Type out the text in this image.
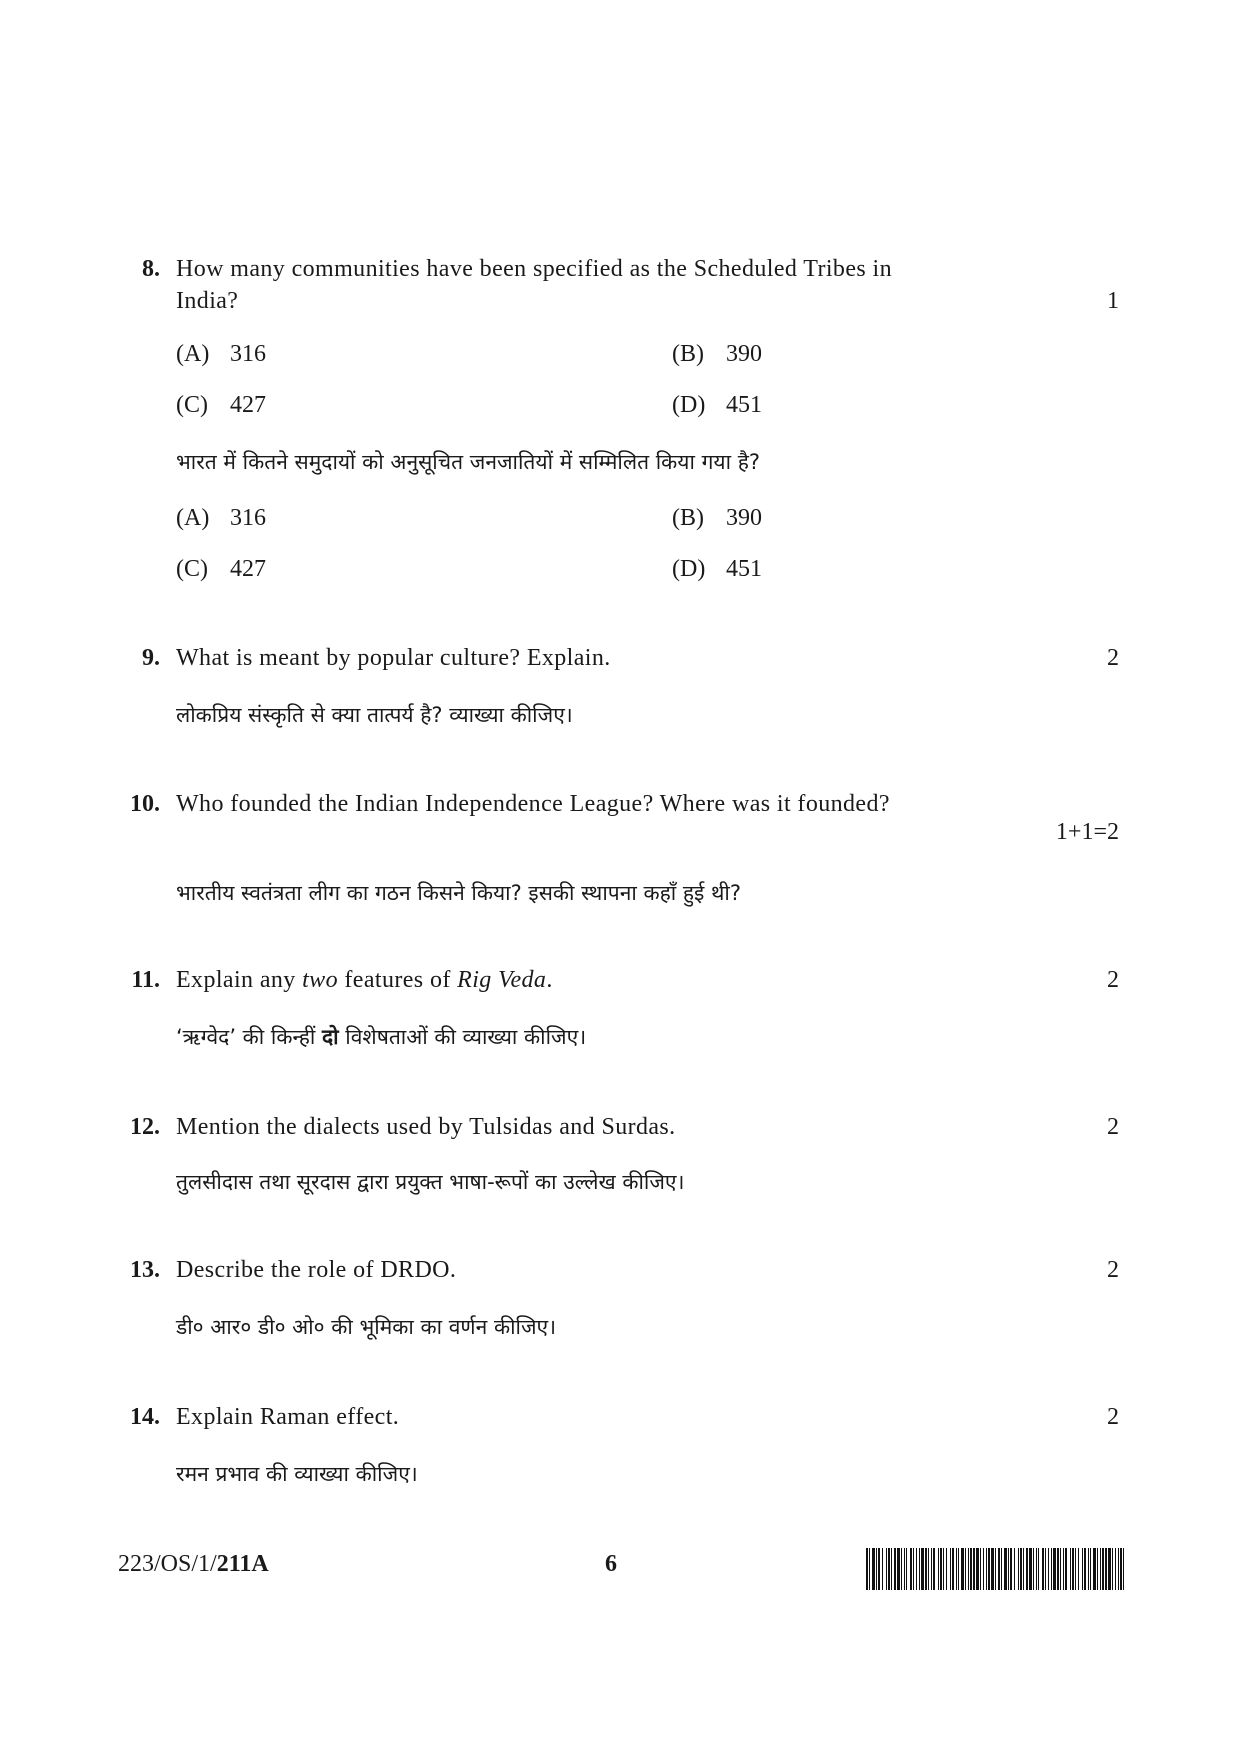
8. How many communities have been specified as the Scheduled Tribes in
India?	1
(A) 316	(B) 390
(C) 427	(D) 451
भारत में कितने समुदायों को अनुसूचित जनजातियों में सम्मिलित किया गया है?
(A) 316	(B) 390
(C) 427	(D) 451
9. What is meant by popular culture? Explain.	2
लोकप्रिय संस्कृति से क्या तात्पर्य है? व्याख्या कीजिए।
10. Who founded the Indian Independence League? Where was it founded?
1+1=2
भारतीय स्वतंत्रता लीग का गठन किसने किया? इसकी स्थापना कहाँ हुई थी?
11. Explain any two features of Rig Veda.	2
‘ऋग्वेद’ की किन्हीं दो विशेषताओं की व्याख्या कीजिए।
12. Mention the dialects used by Tulsidas and Surdas.	2
तुलसीदास तथा सूरदास द्वारा प्रयुक्त भाषा-रूपों का उल्लेख कीजिए।
13. Describe the role of DRDO.	2
डी० आर० डी० ओ० की भूमिका का वर्णन कीजिए।
14. Explain Raman effect.	2
रमन प्रभाव की व्याख्या कीजिए।
223/OS/1/211A	6
